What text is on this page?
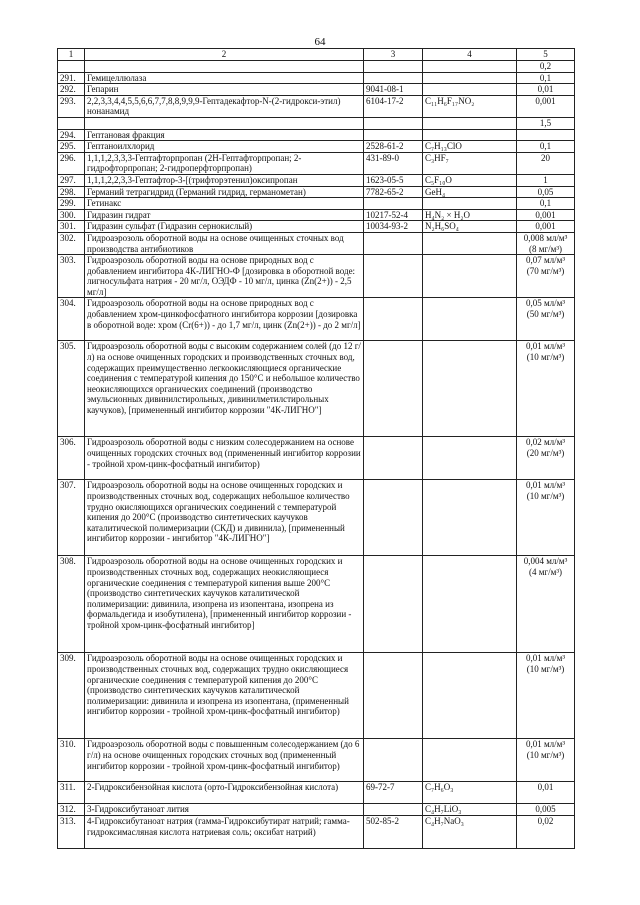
64
1	2	3	4	5
				0,2
291.	Гемицеллюлаза			0,1
292.	Гепарин	9041-08-1		0,01
293.	2,2,3,3,4,4,5,5,6,6,7,7,8,8,9,9,9-Гептадекафтор-N-(2-гидрокси-этил) нонанамид	6104-17-2	C₁₁H₆F₁₇NO₂	0,001
				1,5
294.	Гептановая фракция			
295.	Гептаноилхлорид	2528-61-2	C₇H₁₃ClO	0,1
296.	1,1,1,2,3,3,3-Гептафторпропан (2Н-Гептафторпропан; 2-гидрофторпропан; 2-гидроперфторпропан)	431-89-0	C₃HF₇	20
297.	1,1,1,2,2,3,3-Гептафтор-3-[(трифторэтенил)оксипропан	1623-05-5	C₅F₁₀O	1
298.	Германий тетрагидрид (Германий гидрид, германометан)	7782-65-2	GeH₄	0,05
299.	Гетинакс			0,1
300.	Гидразин гидрат	10217-52-4	H₄N₂ × H₂O	0,001
301.	Гидразин сульфат (Гидразин сернокислый)	10034-93-2	N₂H₆SO₄	0,001
302.	Гидроаэрозоль оборотной воды на основе очищенных сточных вод производства антибиотиков			0,008 мл/м³ (8 мг/м³)
303.	Гидроаэрозоль оборотной воды на основе природных вод с добавлением ингибитора 4К-ЛИГНО-Ф [дозировка в оборотной воде: лигносульфата натрия - 20 мг/л, ОЭДФ - 10 мг/л, цинка (Zn(2+)) - 2,5 мг/л]			0,07 мл/м³ (70 мг/м³)
304.	Гидроаэрозоль оборотной воды на основе природных вод с добавлением хром-цинкофосфатного ингибитора коррозии [дозировка в оборотной воде: хром (Cr(6+)) - до 1,7 мг/л, цинк (Zn(2+)) - до 2 мг/л]			0,05 мл/м³ (50 мг/м³)
305.	Гидроаэрозоль оборотной воды с высоким содержанием солей (до 12 г/л) на основе очищенных городских и производственных сточных вод, содержащих преимущественно легкоокисляющиеся органические соединения с температурой кипения до 150°С и небольшое количество неокисляющихся органических соединений (производство эмульсионных дивинилстирольных, дивинилметилстирольных каучуков), [примененный ингибитор коррозии "4К-ЛИГНО"]			0,01 мл/м³ (10 мг/м³)
306.	Гидроаэрозоль оборотной воды с низким солесодержанием на основе очищенных городских сточных вод (примененный ингибитор коррозии - тройной хром-цинк-фосфатный ингибитор)			0,02 мл/м³ (20 мг/м³)
307.	Гидроаэрозоль оборотной воды на основе очищенных городских и производственных сточных вод, содержащих небольшое количество трудно окисляющихся органических соединений с температурой кипения до 200°С (производство синтетических каучуков каталитической полимеризации (СКД) и дивинила), [примененный ингибитор коррозии - ингибитор "4К-ЛИГНО"]			0,01 мл/м³ (10 мг/м³)
308.	Гидроаэрозоль оборотной воды на основе очищенных городских и производственных сточных вод, содержащих неокисляющиеся органические соединения с температурой кипения выше 200°С (производство синтетических каучуков каталитической полимеризации: дивинила, изопрена из изопентана, изопрена из формальдегида и изобутилена), [примененный ингибитор коррозии - тройной хром-цинк-фосфатный ингибитор]			0,004 мл/м³ (4 мг/м³)
309.	Гидроаэрозоль оборотной воды на основе очищенных городских и производственных сточных вод, содержащих трудно окисляющиеся органические соединения с температурой кипения до 200°С (производство синтетических каучуков каталитической полимеризации: дивинила и изопрена из изопентана, (примененный ингибитор коррозии - тройной хром-цинк-фосфатный ингибитор)			0,01 мл/м³ (10 мг/м³)
310.	Гидроаэрозоль оборотной воды с повышенным солесодержанием (до 6 г/л) на основе очищенных городских сточных вод (примененный ингибитор коррозии - тройной хром-цинк-фосфатный ингибитор)			0,01 мл/м³ (10 мг/м³)
311.	2-Гидроксибензойная кислота (орто-Гидроксибензойная кислота)	69-72-7	C₇H₆O₃	0,01
312.	3-Гидроксибутаноат лития		C₄H₇LiO₃	0,005
313.	4-Гидроксибутаноат натрия (гамма-Гидроксибутират натрий; гамма-гидроксимасляная кислота натриевая соль; оксибат натрий)	502-85-2	C₄H₇NaO₃	0,02
